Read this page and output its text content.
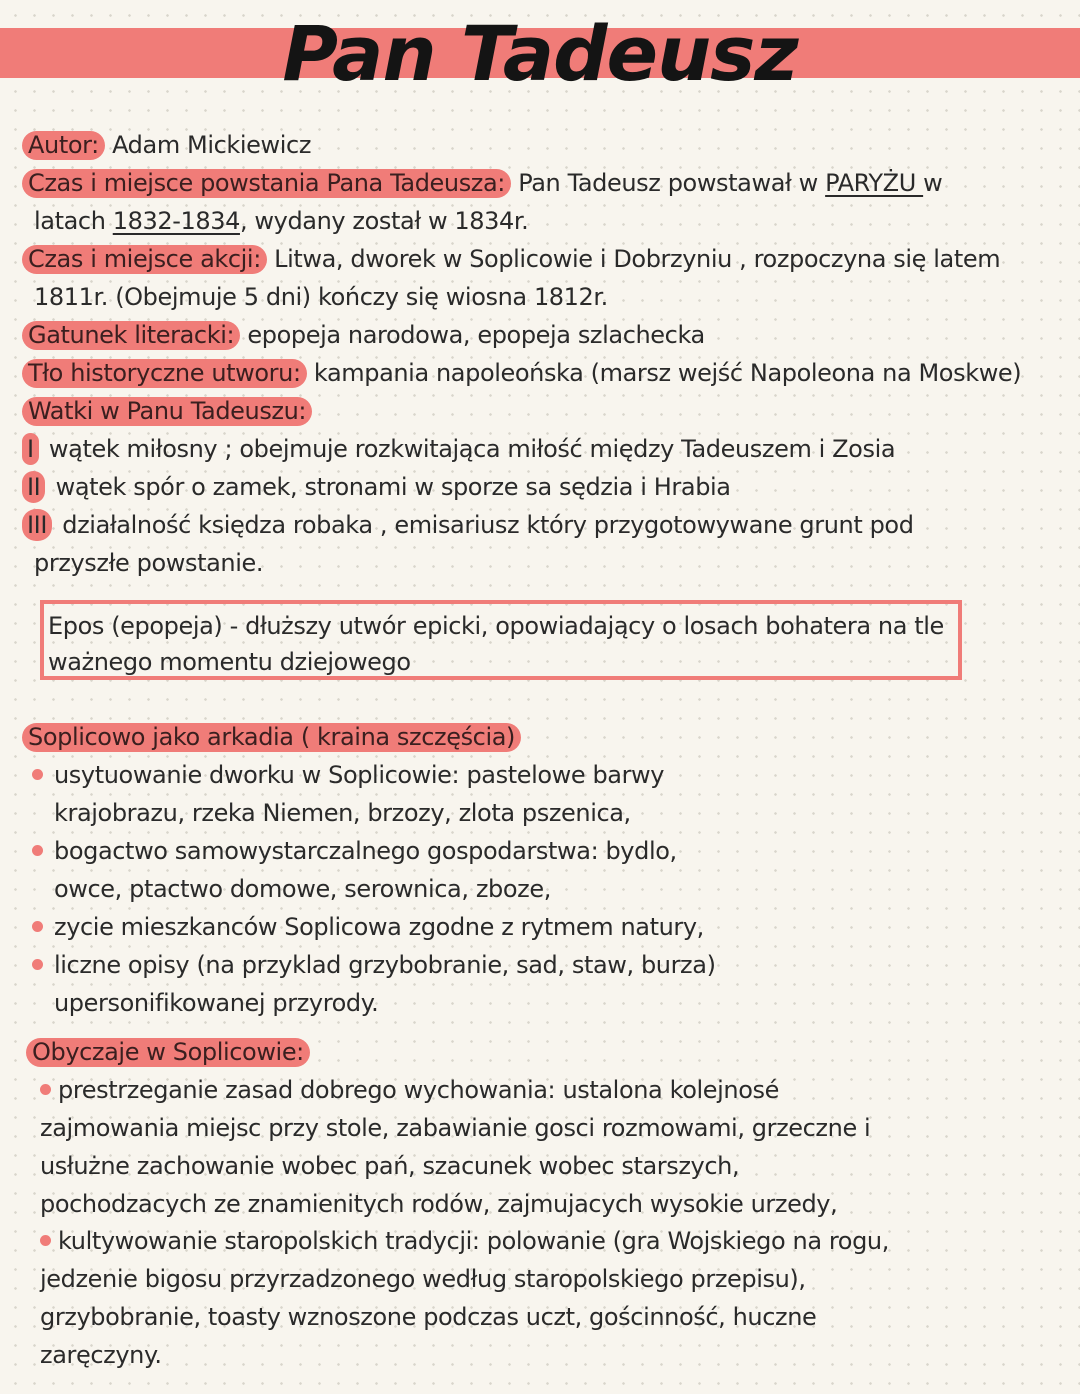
Pan Tadeusz
Autor: Adam Mickiewicz
Czas i miejsce powstania Pana Tadeusza: Pan Tadeusz powstawał w PARYŻU w
latach 1832-1834, wydany został w 1834r.
Czas i miejsce akcji: Litwa, dworek w Soplicowie i Dobrzyniu , rozpoczyna się latem
1811r. (Obejmuje 5 dni) kończy się wiosna 1812r.
Gatunek literacki: epopeja narodowa, epopeja szlachecka
Tło historyczne utworu: kampania napoleońska (marsz wejść Napoleona na Moskwe)
Watki w Panu Tadeuszu:
I wątek miłosny ; obejmuje rozkwitająca miłość między Tadeuszem i Zosia
II wątek spór o zamek, stronami w sporze sa sędzia i Hrabia
III działalność księdza robaka , emisariusz który przygotowywane grunt pod
przyszłe powstanie.
Epos (epopeja) - dłuższy utwór epicki, opowiadający o losach bohatera na tle
ważnego momentu dziejowego
Soplicowo jako arkadia ( kraina szczęścia)
usytuowanie dworku w Soplicowie: pastelowe barwy
krajobrazu, rzeka Niemen, brzozy, zlota pszenica,
bogactwo samowystarczalnego gospodarstwa: bydlo,
owce, ptactwo domowe, serownica, zboze,
zycie mieszkanców Soplicowa zgodne z rytmem natury,
liczne opisy (na przyklad grzybobranie, sad, staw, burza)
upersonifikowanej przyrody.
Obyczaje w Soplicowie:
prestrzeganie zasad dobrego wychowania: ustalona kolejnosé
zajmowania miejsc przy stole, zabawianie gosci rozmowami, grzeczne i
usłużne zachowanie wobec pań, szacunek wobec starszych,
pochodzacych ze znamienitych rodów, zajmujacych wysokie urzedy,
kultywowanie staropolskich tradycji: polowanie (gra Wojskiego na rogu,
jedzenie bigosu przyrzadzonego według staropolskiego przepisu),
grzybobranie, toasty wznoszone podczas uczt, gościnność, huczne
zaręczyny.
